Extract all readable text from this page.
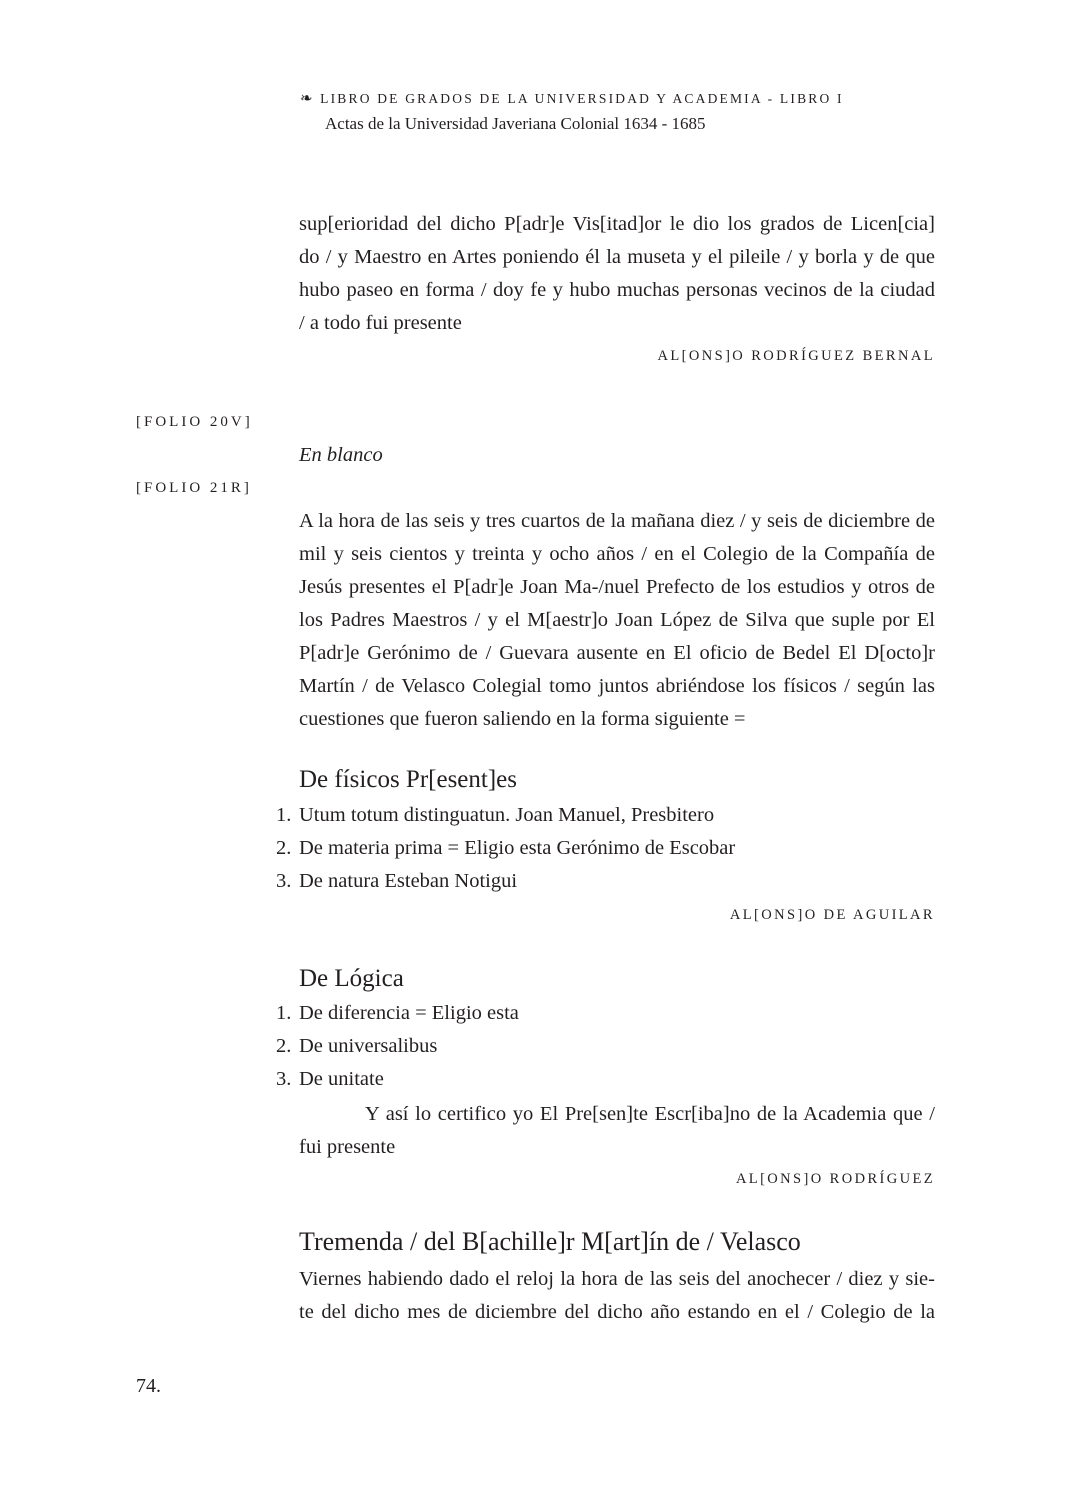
❧ LIBRO DE GRADOS DE LA UNIVERSIDAD Y ACADEMIA - LIBRO I
Actas de la Universidad Javeriana Colonial 1634 - 1685
sup[erioridad del dicho P[adr]e Vis[itad]or le dio los grados de Licen[cia]
do / y Maestro en Artes poniendo él la museta y el pileile / y borla y de que
hubo paseo en forma / doy fe y hubo muchas personas vecinos de la ciudad
/ a todo fui presente
AL[ONS]O RODRÍGUEZ BERNAL
[FOLIO 20V]
En blanco
[FOLIO 21R]
A la hora de las seis y tres cuartos de la mañana diez / y seis de diciembre de
mil y seis cientos y treinta y ocho años / en el Colegio de la Compañía de
Jesús presentes el P[adr]e Joan Ma-/nuel Prefecto de los estudios y otros de
los Padres Maestros / y el M[aestr]o Joan López de Silva que suple por El
P[adr]e Gerónimo de / Guevara ausente en El oficio de Bedel El D[octo]r
Martín / de Velasco Colegial tomo juntos abriéndose los físicos / según las
cuestiones que fueron saliendo en la forma siguiente =
De físicos Pr[esent]es
1. Utum totum distinguatun. Joan Manuel, Presbitero
2. De materia prima = Eligio esta Gerónimo de Escobar
3. De natura Esteban Notigui
AL[ONS]O DE AGUILAR
De Lógica
1. De diferencia = Eligio esta
2. De universalibus
3. De unitate
Y así lo certifico yo El Pre[sen]te Escr[iba]no de la Academia que /
fui presente
AL[ONS]O RODRÍGUEZ
Tremenda / del B[achille]r M[art]ín de / Velasco
Viernes habiendo dado el reloj la hora de las seis del anochecer / diez y sie-
te del dicho mes de diciembre del dicho año estando en el / Colegio de la
74.
